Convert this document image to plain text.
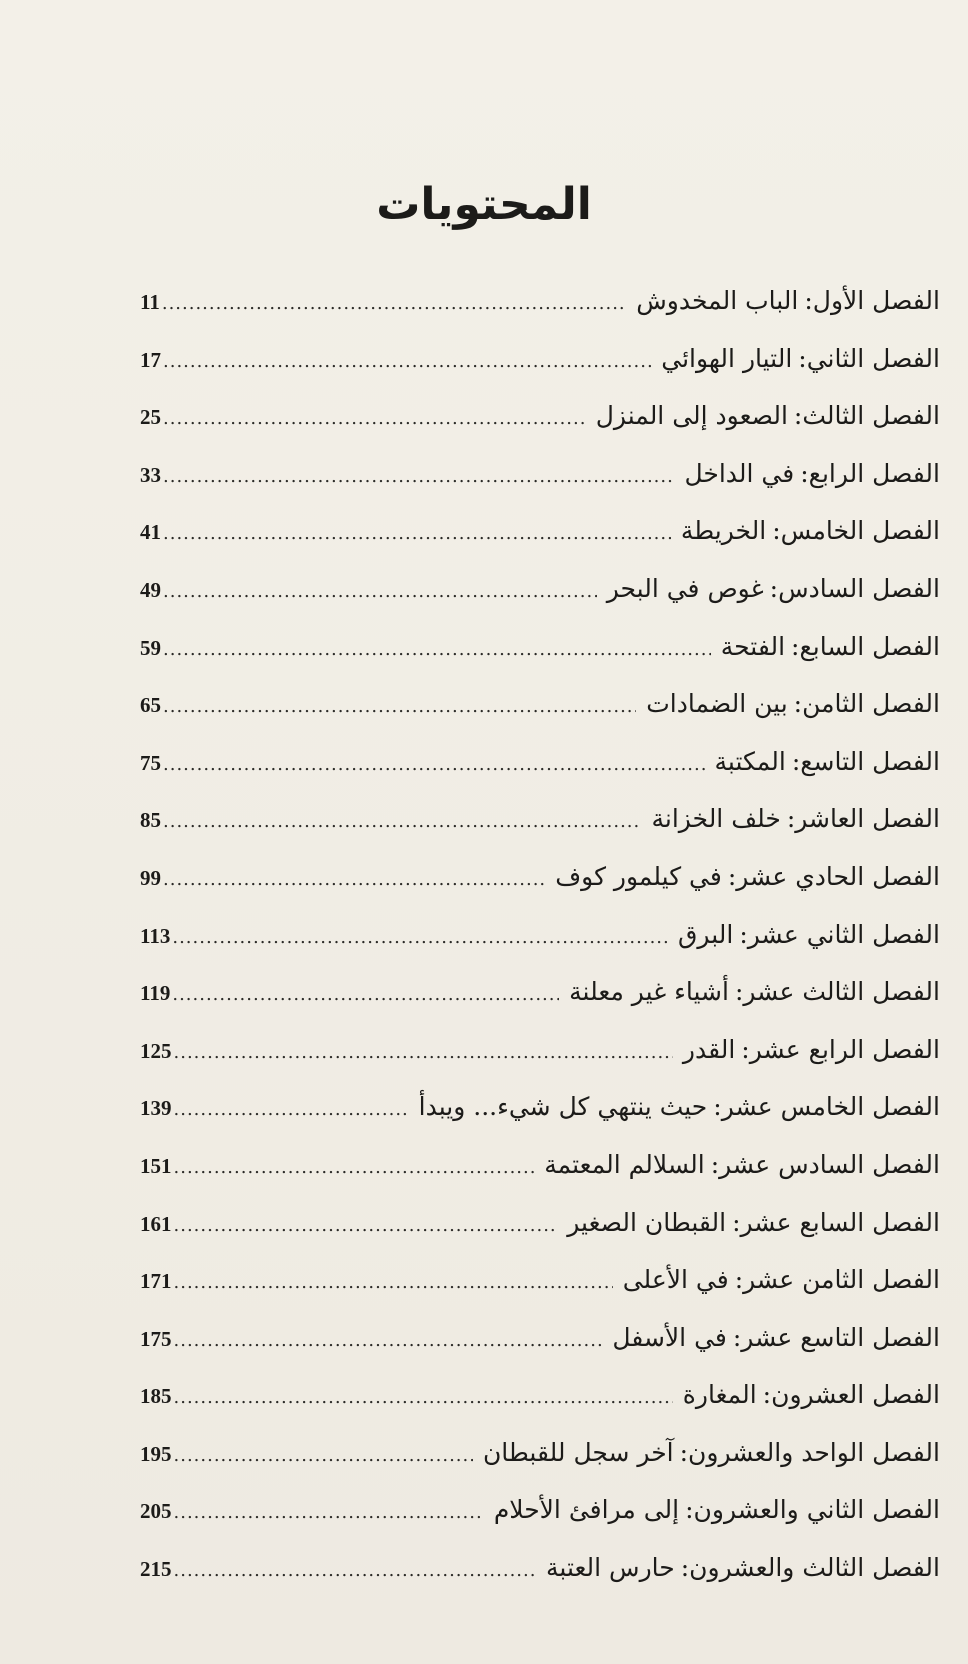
المحتويات
الفصل الأول:
الباب المخدوش
.....
11
الفصل الثاني:
التيار الهوائي
.....
17
الفصل الثالث:
الصعود إلى المنزل
.....
25
الفصل الرابع:
في الداخل
.....
33
الفصل الخامس:
الخريطة
.....
41
الفصل السادس:
غوص في البحر
.....
49
الفصل السابع:
الفتحة
.....
59
الفصل الثامن:
بين الضمادات
.....
65
الفصل التاسع:
المكتبة
.....
75
الفصل العاشر:
خلف الخزانة
.....
85
الفصل الحادي عشر:
في كيلمور كوف
.....
99
الفصل الثاني عشر:
البرق
.....
113
الفصل الثالث عشر:
أشياء غير معلنة
.....
119
الفصل الرابع عشر:
القدر
.....
125
الفصل الخامس عشر:
حيث ينتهي كل شيء... ويبدأ
.....
139
الفصل السادس عشر:
السلالم المعتمة
.....
151
الفصل السابع عشر:
القبطان الصغير
.....
161
الفصل الثامن عشر:
في الأعلى
.....
171
الفصل التاسع عشر:
في الأسفل
.....
175
الفصل العشرون:
المغارة
.....
185
الفصل الواحد والعشرون:
آخر سجل للقبطان
.....
195
الفصل الثاني والعشرون:
إلى مرافئ الأحلام
.....
205
الفصل الثالث والعشرون:
حارس العتبة
.....
215
